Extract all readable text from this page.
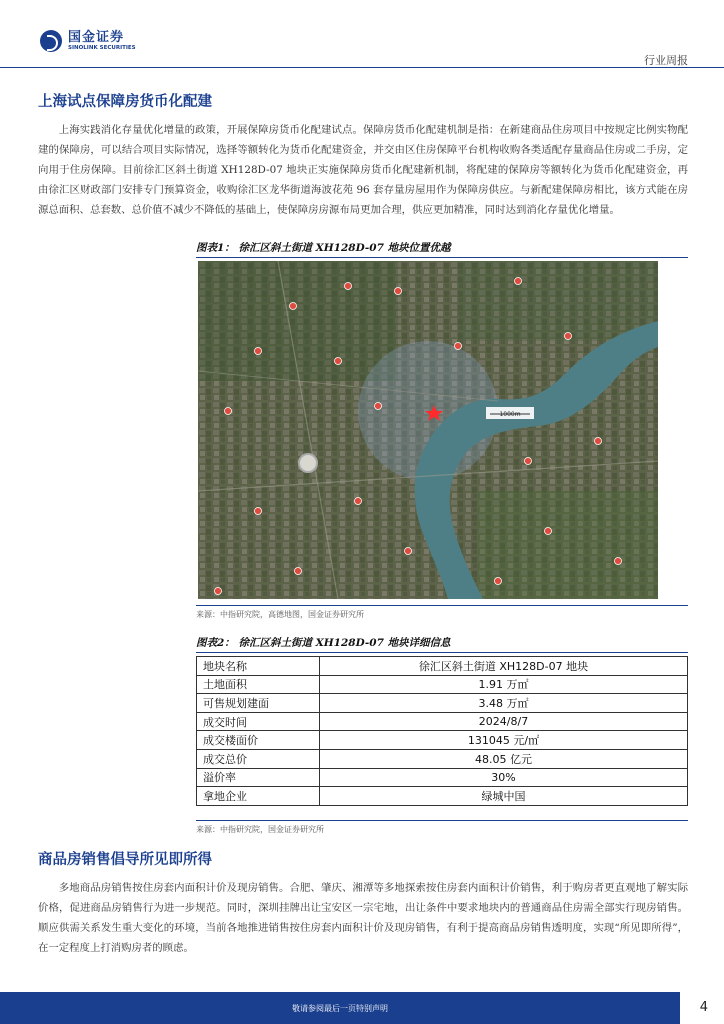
国金证券
SINOLINK SECURITIES
行业周报
上海试点保障房货币化配建
上海实践消化存量优化增量的政策，开展保障房货币化配建试点。保障房货币化配建机制是指：在新建商品住房项目中按规定比例实物配建的保障房，可以结合项目实际情况，选择等额转化为货币化配建资金，并交由区住房保障平台机构收购各类适配存量商品住房或二手房，定向用于住房保障。目前徐汇区斜土街道 XH128D-07 地块正实施保障房货币化配建新机制，将配建的保障房等额转化为货币化配建资金，再由徐汇区财政部门安排专门预算资金，收购徐汇区龙华街道海波花苑 96 套存量房屋用作为保障房供应。与新配建保障房相比，该方式能在房源总面积、总套数、总价值不减少不降低的基础上，使保障房房源布局更加合理，供应更加精准，同时达到消化存量优化增量。
图表1： 徐汇区斜土街道 XH128D-07 地块位置优越
1000m
来源：中指研究院，高德地图，国金证券研究所
图表2： 徐汇区斜土街道 XH128D-07 地块详细信息
地块名称	徐汇区斜土街道 XH128D-07 地块
土地面积	1.91 万㎡
可售规划建面	3.48 万㎡
成交时间	2024/8/7
成交楼面价	131045 元/㎡
成交总价	48.05 亿元
溢价率	30%
拿地企业	绿城中国
来源：中指研究院，国金证券研究所
商品房销售倡导所见即所得
多地商品房销售按住房套内面积计价及现房销售。合肥、肇庆、湘潭等多地探索按住房套内面积计价销售，利于购房者更直观地了解实际价格，促进商品房销售行为进一步规范。同时，深圳挂牌出让宝安区一宗宅地，出让条件中要求地块内的普通商品住房需全部实行现房销售。顺应供需关系发生重大变化的环境，当前各地推进销售按住房套内面积计价及现房销售，有利于提高商品房销售透明度，实现“所见即所得”，在一定程度上打消购房者的顾虑。
敬请参阅最后一页特别声明	4
